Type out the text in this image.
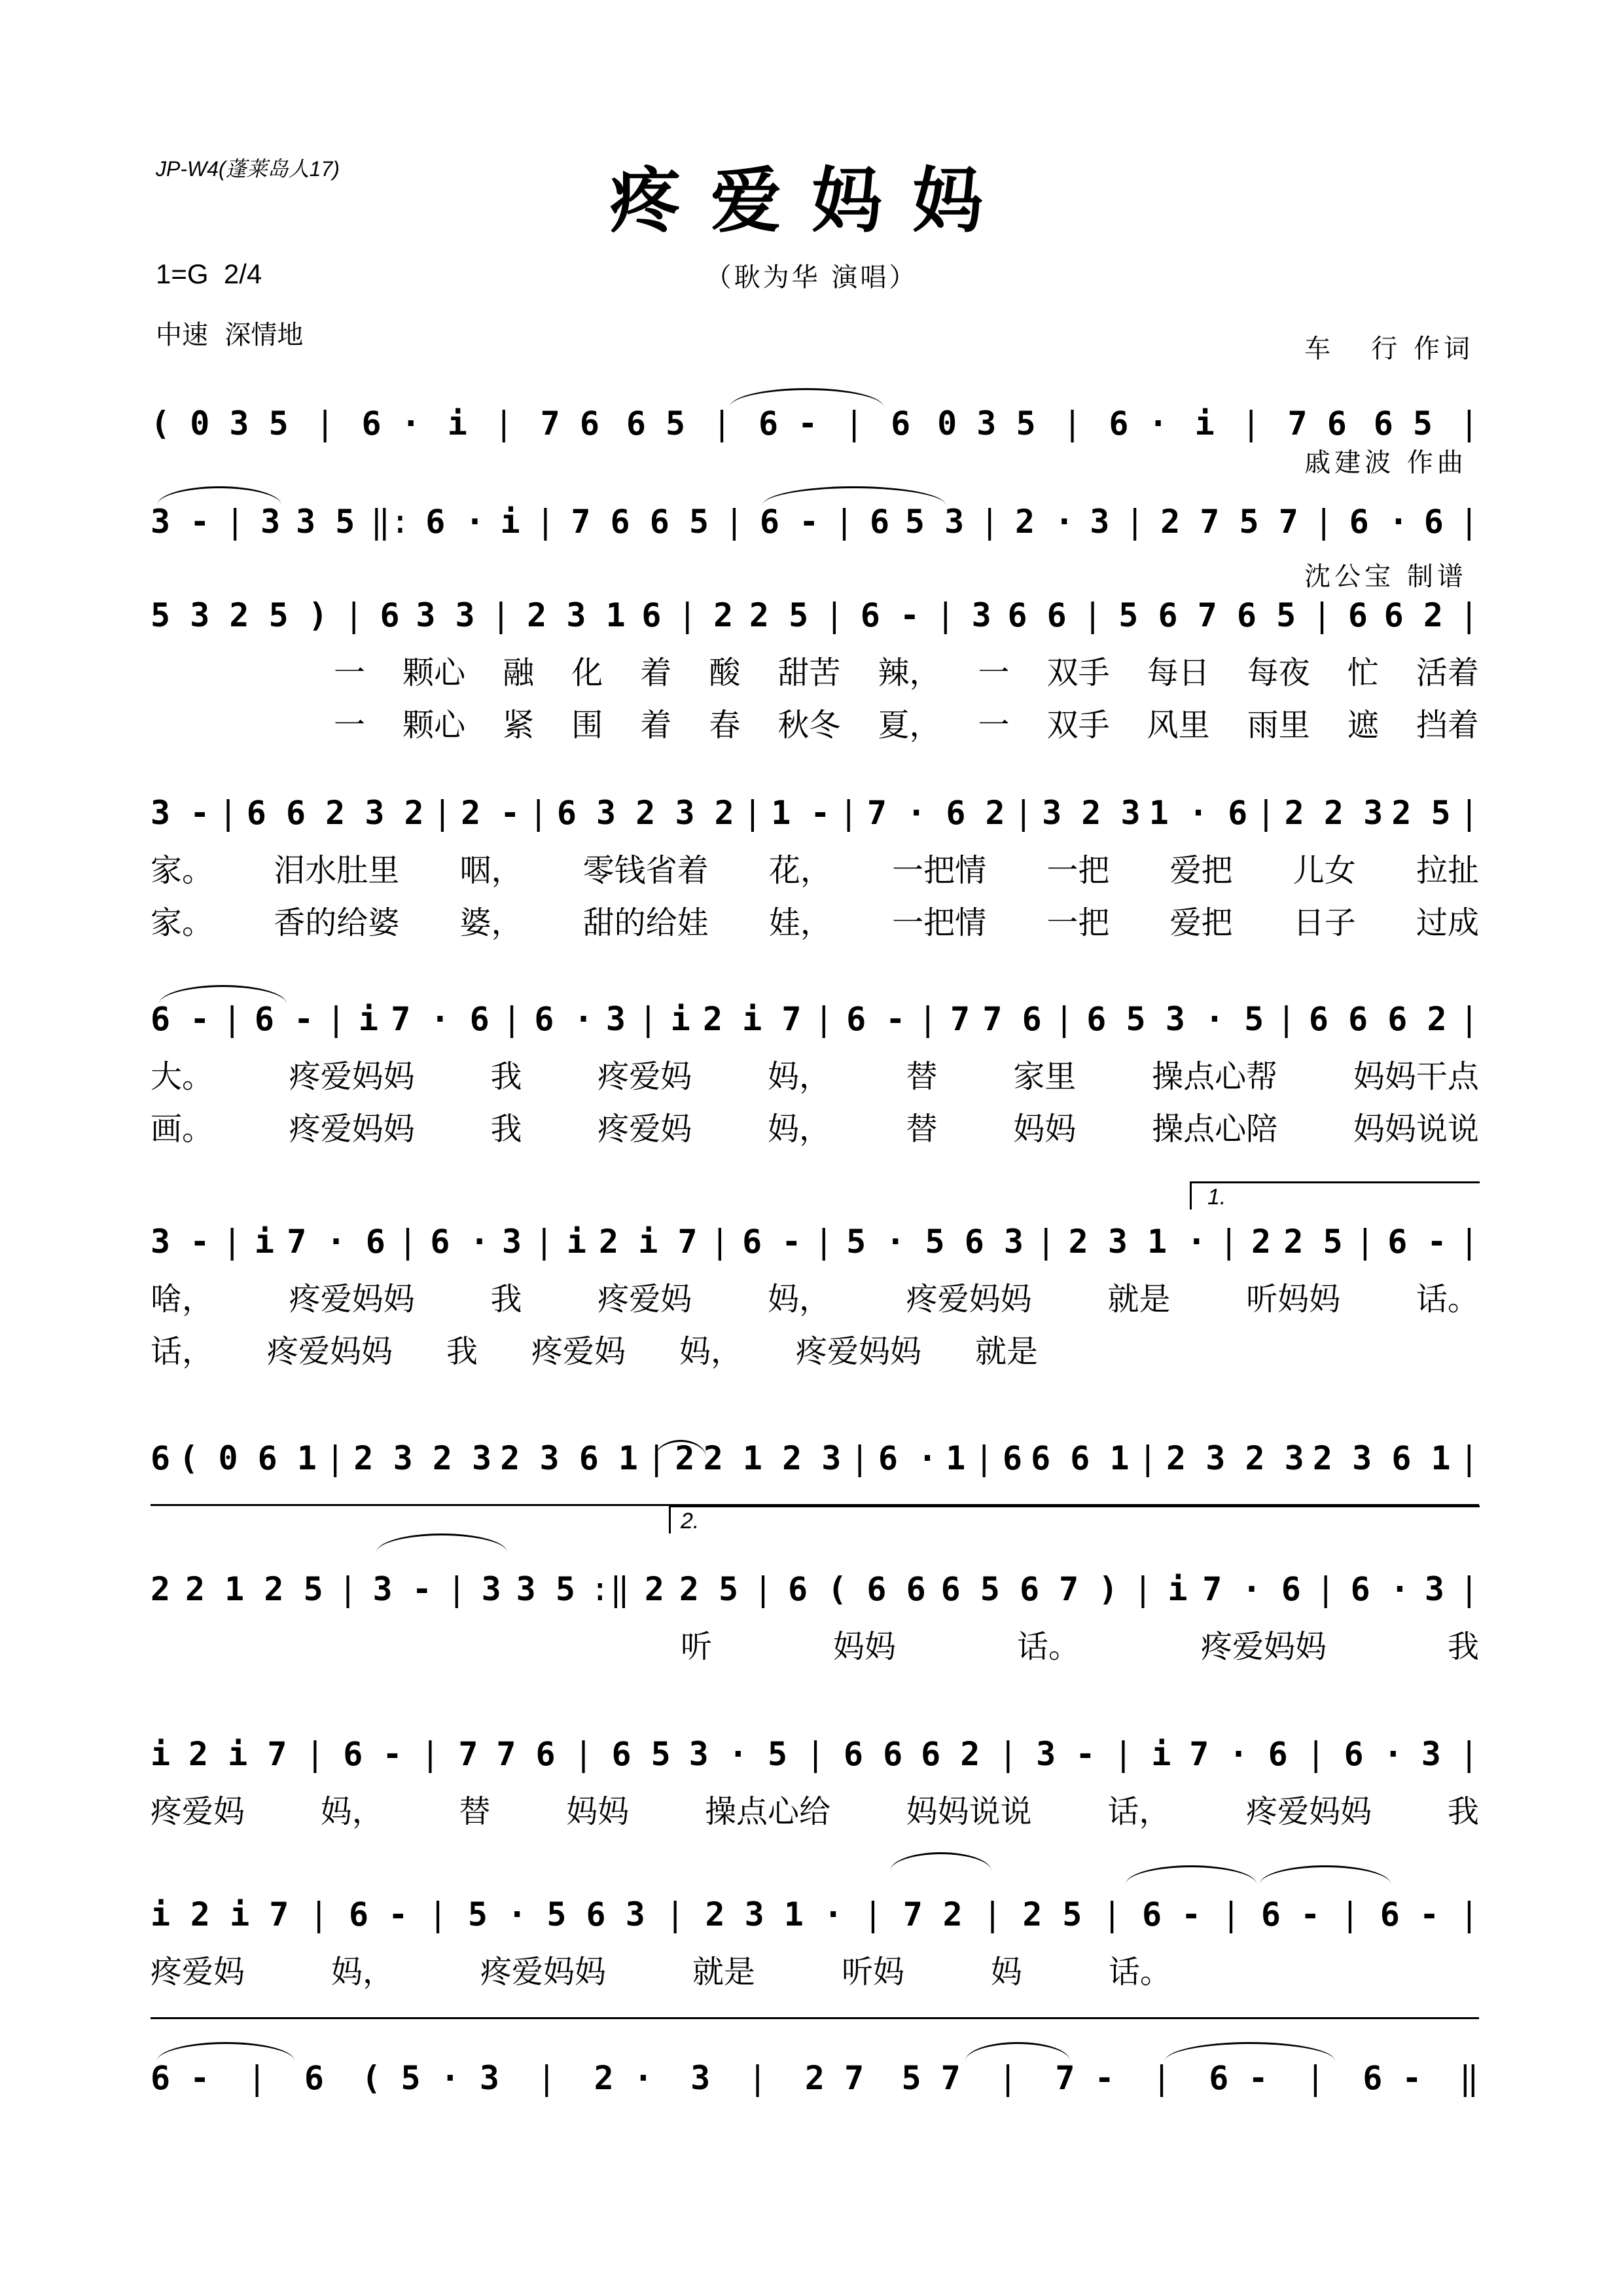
JP-W4(蓬莱岛人17)	疼爱妈妈
1=G  2/4
中速  深情地
（耿为华 演唱）

车   行 作词

戚建波 作曲

沈公宝 制谱

( 0 3 5 | 6 · i | 7 6 6 5 | 6 - | 6 0 3 5 | 6 · i | 7 6 6 5 |
3 - | 3 3 5 ‖: 6 · i | 7 6 6 5 | 6 - | 6 5 3 | 2 · 3 | 2 7 5 7 | 6 · 6 |
5 3 2 5 ) | 6 3 3 | 2 3 1 6 | 2 2 5 | 6 - | 3 6 6 | 5 6 7 6 5 | 6 6 2 |
一 颗心 融 化 着 酸 甜苦 辣， 一 双手 每日 每夜 忙 活着
一 颗心 紧 围 着 春 秋冬 夏， 一 双手 风里 雨里 遮 挡着
3 - | 6 6 2 3 2 | 2 - | 6 3 2 3 2 | 1 - | 7 · 6 2 | 3 2 3 1 · 6 | 2 2 3 2 5 |
家。 泪水肚里 咽， 零钱省着 花， 一把情 一把 爱把 儿女 拉扯
家。 香的给婆 婆， 甜的给娃 娃， 一把情 一把 爱把 日子 过成
6 - | 6 - | i 7 · 6 | 6 · 3 | i 2 i 7 | 6 - | 7 7 6 | 6 5 3 · 5 | 6 6 6 2 |
大。 疼爱妈妈 我 疼爱妈 妈， 替 家里 操点心帮 妈妈干点
画。 疼爱妈妈 我 疼爱妈 妈， 替 妈妈 操点心陪 妈妈说说
3 - | i 7 · 6 | 6 · 3 | i 2 i 7 | 6 - | 5 · 5 6 3 | 2 3 1 · | 2 2 5 | 6 - |
啥， 疼爱妈妈 我 疼爱妈 妈， 疼爱妈妈 就是 听妈妈 话。
话， 疼爱妈妈 我 疼爱妈 妈， 疼爱妈妈 就是
6 ( 0 6 1 | 2 3 2 3 2 3 6 1 | 2 2 1 2 3 | 6 · 1 | 6 6 6 1 | 2 3 2 3 2 3 6 1 |
2 2 1 2 5 | 3 - | 3 3 5 :‖ 2 2 5 | 6 ( 6 6 6 5 6 7 ) | i 7 · 6 | 6 · 3 |
听	妈妈	话。	疼爱妈妈	我
i 2 i 7 | 6 - | 7 7 6 | 6 5 3 · 5 | 6 6 6 2 | 3 - | i 7 · 6 | 6 · 3 |
疼爱妈 妈， 替 妈妈 操点心给 妈妈说说 话， 疼爱妈妈 我
i 2 i 7 | 6 - | 5 · 5 6 3 | 2 3 1 · | 7 2 | 2 5 | 6 - | 6 - | 6 - |
疼爱妈	妈，	疼爱妈妈	就是	听妈	妈	话。
6 - | 6 ( 5 · 3 | 2 · 3 | 2 7 5 7 | 7 - | 6 - | 6 - ‖
1.
2.
